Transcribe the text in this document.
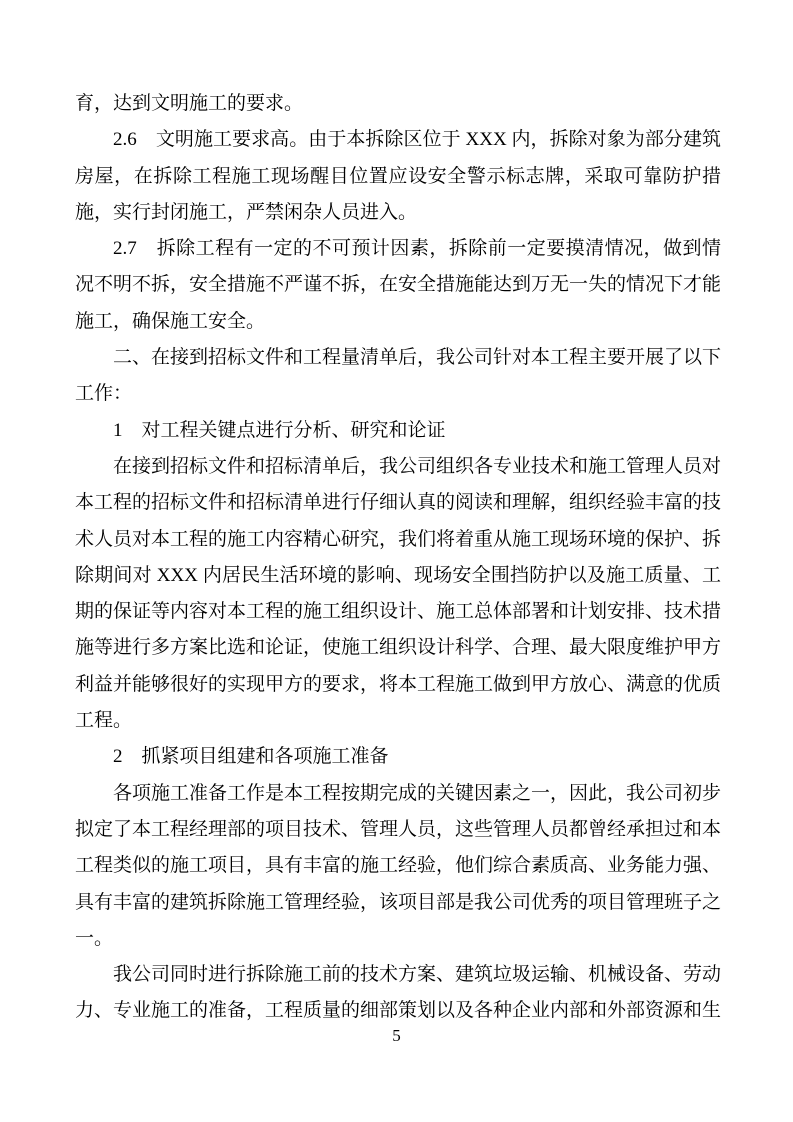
育，达到文明施工的要求。

2.6　文明施工要求高。由于本拆除区位于 XXX 内，拆除对象为部分建筑房屋，在拆除工程施工现场醒目位置应设安全警示标志牌，采取可靠防护措施，实行封闭施工，严禁闲杂人员进入。

2.7　拆除工程有一定的不可预计因素，拆除前一定要摸清情况，做到情况不明不拆，安全措施不严谨不拆，在安全措施能达到万无一失的情况下才能施工，确保施工安全。

二、在接到招标文件和工程量清单后，我公司针对本工程主要开展了以下工作：

1　对工程关键点进行分析、研究和论证

在接到招标文件和招标清单后，我公司组织各专业技术和施工管理人员对本工程的招标文件和招标清单进行仔细认真的阅读和理解，组织经验丰富的技术人员对本工程的施工内容精心研究，我们将着重从施工现场环境的保护、拆除期间对 XXX 内居民生活环境的影响、现场安全围挡防护以及施工质量、工期的保证等内容对本工程的施工组织设计、施工总体部署和计划安排、技术措施等进行多方案比选和论证，使施工组织设计科学、合理、最大限度维护甲方利益并能够很好的实现甲方的要求，将本工程施工做到甲方放心、满意的优质工程。

2　抓紧项目组建和各项施工准备

各项施工准备工作是本工程按期完成的关键因素之一，因此，我公司初步拟定了本工程经理部的项目技术、管理人员，这些管理人员都曾经承担过和本工程类似的施工项目，具有丰富的施工经验，他们综合素质高、业务能力强、具有丰富的建筑拆除施工管理经验，该项目部是我公司优秀的项目管理班子之一。

我公司同时进行拆除施工前的技术方案、建筑垃圾运输、机械设备、劳动力、专业施工的准备，工程质量的细部策划以及各种企业内部和外部资源和生

5
